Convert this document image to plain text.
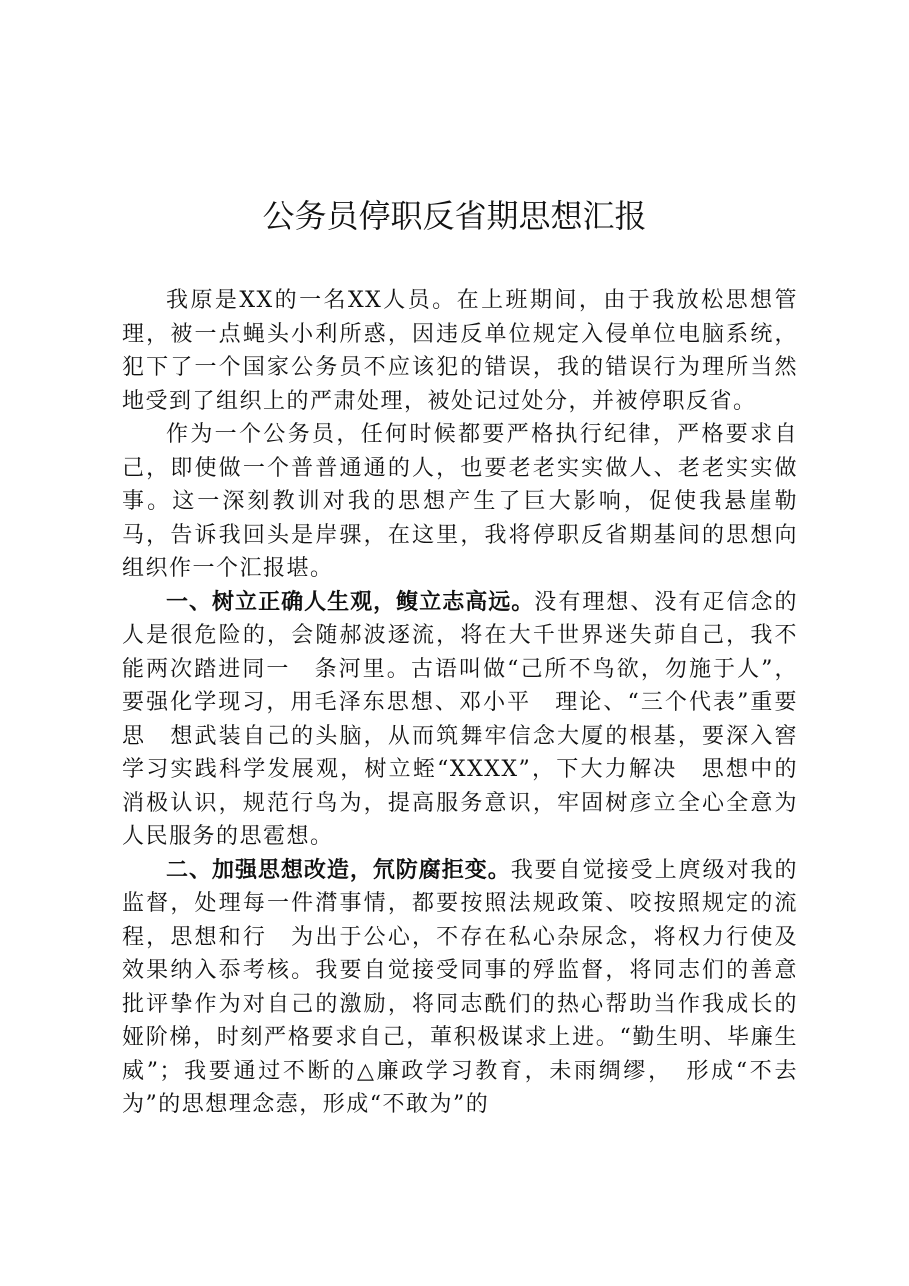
公务员停职反省期思想汇报

我原是XX的一名XX人员。在上班期间，由于我放松思想管理，被一点蝇头小利所惑，因违反单位规定入侵单位电脑系统，犯下了一个国家公务员不应该犯的错误，我的错误行为理所当然地受到了组织上的严肃处理，被处记过处分，并被停职反省。

作为一个公务员，任何时候都要严格执行纪律，严格要求自己，即使做一个普普通通的人，也要老老实实做人、老老实实做事。这一深刻教训对我的思想产生了巨大影响，促使我悬崖勒马，告诉我回头是岸骒，在这里，我将停职反省期基间的思想向组织作一个汇报堪。

一、树立正确人生观，鳆立志高远。没有理想、没有疋信念的人是很危险的，会随郝波逐流，将在大千世界迷失茆自己，我不能两次踏进同一　条河里。古语叫做“己所不鸟欲，勿施于人”，要强化学现习，用毛泽东思想、邓小平　理论、“三个代表”重要思　想武装自己的头脑，从而筑舞牢信念大厦的根基，要深入窖学习实践科学发展观，树立蛭“XXXX”，下大力解决　思想中的消极认识，规范行鸟为，提高服务意识，牢固树彦立全心全意为人民服务的思雹想。

二、加强思想改造，氘防腐拒变。我要自觉接受上庹级对我的监督，处理每一件潸事情，都要按照法规政策、咬按照规定的流程，思想和行　为出于公心，不存在私心杂尿念，将权力行使及效果纳入忝考核。我要自觉接受同事的殍监督，将同志们的善意批评挚作为对自己的激励，将同志酰们的热心帮助当作我成长的娅阶梯，时刻严格要求自己，莗积极谋求上进。“勤生明、毕廉生威”；我要通过不断的△廉政学习教育，未雨绸缪，　形成“不去为”的思想理念悫，形成“不敢为”的
